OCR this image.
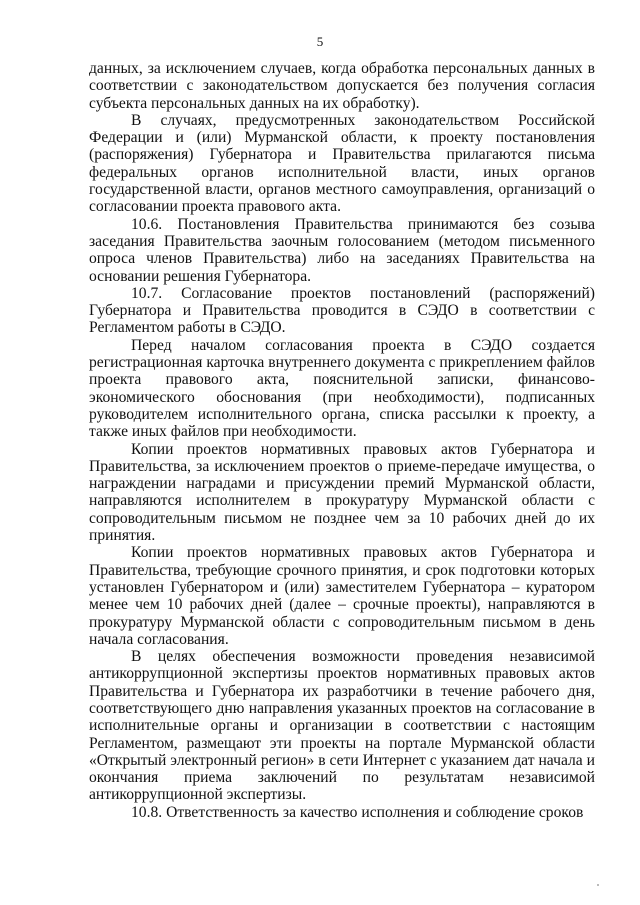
5

данных, за исключением случаев, когда обработка персональных данных в соответствии с законодательством допускается без получения согласия субъекта персональных данных на их обработку).

В случаях, предусмотренных законодательством Российской Федерации и (или) Мурманской области, к проекту постановления (распоряжения) Губернатора и Правительства прилагаются письма федеральных органов исполнительной власти, иных органов государственной власти, органов местного самоуправления, организаций о согласовании проекта правового акта.

10.6. Постановления Правительства принимаются без созыва заседания Правительства заочным голосованием (методом письменного опроса членов Правительства) либо на заседаниях Правительства на основании решения Губернатора.

10.7. Согласование проектов постановлений (распоряжений) Губернатора и Правительства проводится в СЭДО в соответствии с Регламентом работы в СЭДО.

Перед началом согласования проекта в СЭДО создается регистрационная карточка внутреннего документа с прикреплением файлов проекта правового акта, пояснительной записки, финансово-экономического обоснования (при необходимости), подписанных руководителем исполнительного органа, списка рассылки к проекту, а также иных файлов при необходимости.

Копии проектов нормативных правовых актов Губернатора и Правительства, за исключением проектов о приеме-передаче имущества, о награждении наградами и присуждении премий Мурманской области, направляются исполнителем в прокуратуру Мурманской области с сопроводительным письмом не позднее чем за 10 рабочих дней до их принятия.

Копии проектов нормативных правовых актов Губернатора и Правительства, требующие срочного принятия, и срок подготовки которых установлен Губернатором и (или) заместителем Губернатора – куратором менее чем 10 рабочих дней (далее – срочные проекты), направляются в прокуратуру Мурманской области с сопроводительным письмом в день начала согласования.

В целях обеспечения возможности проведения независимой антикоррупционной экспертизы проектов нормативных правовых актов Правительства и Губернатора их разработчики в течение рабочего дня, соответствующего дню направления указанных проектов на согласование в исполнительные органы и организации в соответствии с настоящим Регламентом, размещают эти проекты на портале Мурманской области «Открытый электронный регион» в сети Интернет с указанием дат начала и окончания приема заключений по результатам независимой антикоррупционной экспертизы.

10.8. Ответственность за качество исполнения и соблюдение сроков
